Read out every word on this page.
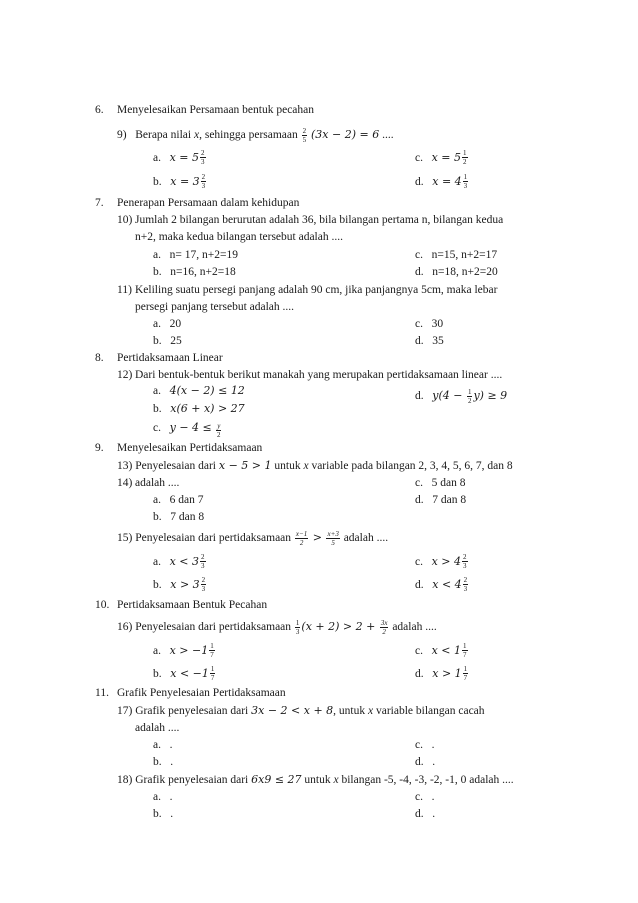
6. Menyelesaikan Persamaan bentuk pecahan
9) Berapa nilai x, sehingga persamaan $\frac{2}{5} (3x - 2) = 6$ ....
a. $x = 5 \frac{2}{3}$	c. $x = 5 \frac{1}{2}$
b. $x = 3 \frac{2}{3}$	d. $x = 4 \frac{1}{3}$
7. Penerapan Persamaan dalam kehidupan
10) Jumlah 2 bilangan berurutan adalah 36, bila bilangan pertama n, bilangan kedua
n+2, maka kedua bilangan tersebut adalah ....
a. n= 17, n+2=19	c. n=15, n+2=17
b. n=16, n+2=18	d. n=18, n+2=20
11) Keliling suatu persegi panjang adalah 90 cm, jika panjangnya 5cm, maka lebar
persegi panjang tersebut adalah ....
a. 20	c. 30
b. 25	d. 35
8. Pertidaksamaan Linear
12) Dari bentuk-bentuk berikut manakah yang merupakan pertidaksamaan linear ....
a. 4(x − 2) ≤ 12	d. $y(4 - \frac{1}{2} y) \ge 9$
b. x(6 + x) > 27
c. $y - 4 \le \frac{y}{2}$
9. Menyelesaikan Pertidaksamaan
13) Penyelesaian dari x − 5 > 1 untuk x variable pada bilangan 2, 3, 4, 5, 6, 7, dan 8
14) adalah ....	c. 5 dan 8
a. 6 dan 7	d. 7 dan 8
b. 7 dan 8
15) Penyelesaian dari pertidaksamaan $\frac{x-1}{2} > \frac{x+3}{5}$ adalah ....
a. $x < 3 \frac{2}{3}$	c. $x > 4 \frac{2}{3}$
b. $x > 3 \frac{2}{3}$	d. $x < 4 \frac{2}{3}$
10. Pertidaksamaan Bentuk Pecahan
16) Penyelesaian dari pertidaksamaan $\frac{1}{3} (x + 2) > 2 + \frac{3x}{2}$ adalah ....
a. $x > -1 \frac{1}{7}$	c. $x < 1 \frac{1}{7}$
b. $x < -1 \frac{1}{7}$	d. $x > 1 \frac{1}{7}$
11. Grafik Penyelesaian Pertidaksamaan
17) Grafik penyelesaian dari 3x − 2 < x + 8, untuk x variable bilangan cacah
adalah ....
a. .	c. .
b. .	d. .
18) Grafik penyelesaian dari 6x9 ≤ 27 untuk x bilangan -5, -4, -3, -2, -1, 0 adalah ....
a. .	c. .
b. .	d. .
